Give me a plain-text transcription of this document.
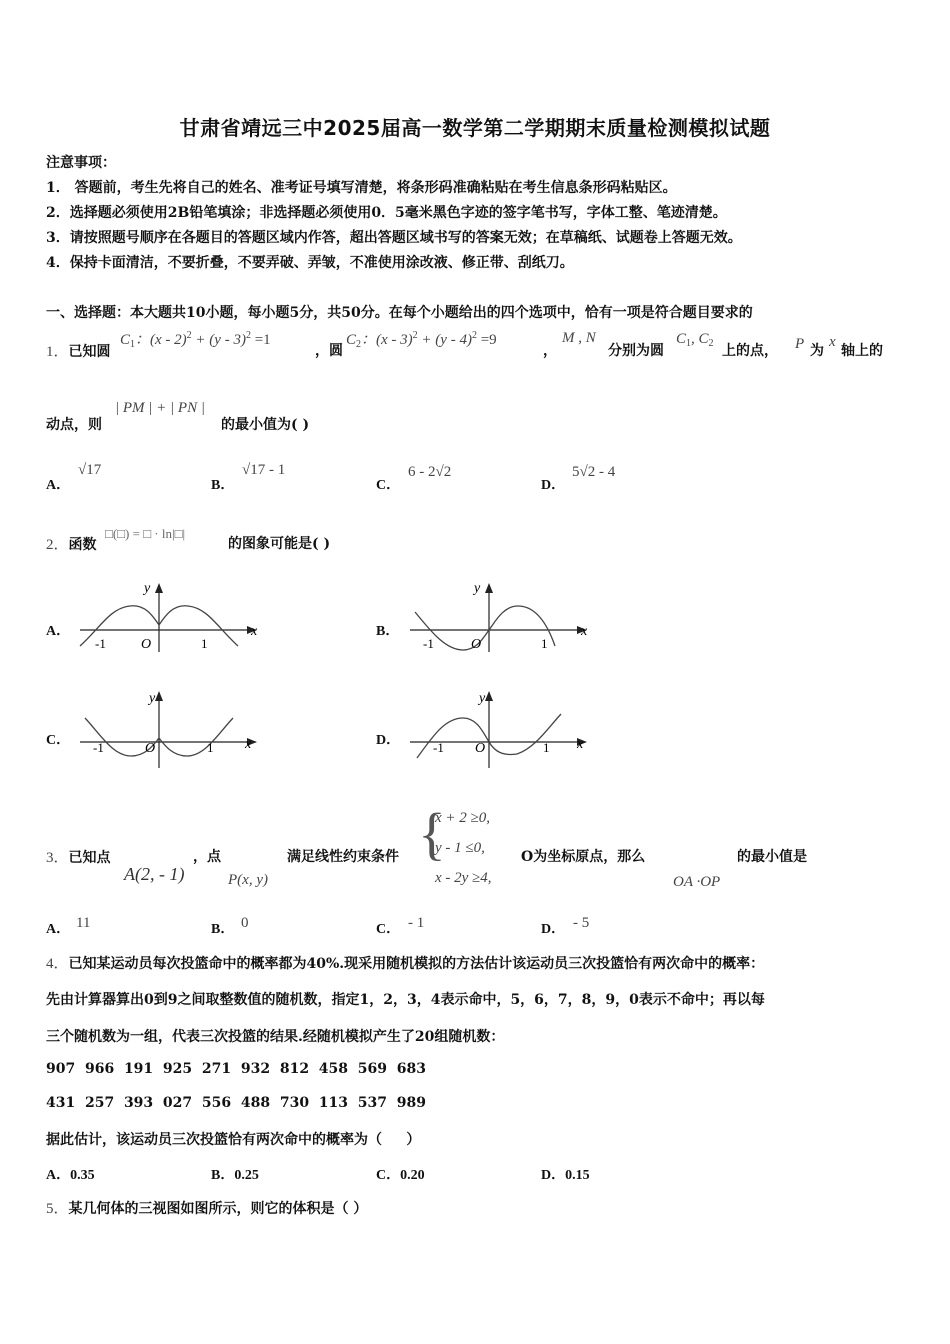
甘肃省靖远三中2025届高一数学第二学期期末质量检测模拟试题
注意事项：
1． 答题前，考生先将自己的姓名、准考证号填写清楚，将条形码准确粘贴在考生信息条形码粘贴区。
2．选择题必须使用2B铅笔填涂；非选择题必须使用0．5毫米黑色字迹的签字笔书写，字体工整、笔迹清楚。
3．请按照题号顺序在各题目的答题区域内作答，超出答题区域书写的答案无效；在草稿纸、试题卷上答题无效。
4．保持卡面清洁，不要折叠，不要弄破、弄皱，不准使用涂改液、修正带、刮纸刀。
一、选择题：本大题共10小题，每小题5分，共50分。在每个小题给出的四个选项中，恰有一项是符合题目要求的
1．已知圆
$C_1$：(x - 2)$^2$ + (y - 3)$^2$ =1
，圆
$C_2$：(x - 3)$^2$ + (y - 4)$^2$ =9
，
M , N
分别为圆
$C_1$, $C_2$ 上的点， P 为
x
轴上的
动点，则
| PM | + | PN |
的最小值为( )
A．
√17
B．
√17 - 1
C．
6 - 2√2
D．
5√2 - 4
2．函数
□(□) = □ · ln|□|
的图象可能是( )
A．	B．
C．	D．
x
y
O
-1	1
x
y
O
-1	1
x
y
O
-1	1	x
y
O
-1	1
3．已知点
A(2, - 1)
，点
P(x, y)
满足线性约束条件 {
x + 2 ≥0,
y - 1 ≤0,
x - 2y ≥4,
O为坐标原点，那么
OA ·OP
的最小值是
A． 11	B． 0	C． - 1	D． - 5
4．已知某运动员每次投篮命中的概率都为40%.现采用随机模拟的方法估计该运动员三次投篮恰有两次命中的概率：
先由计算器算出0到9之间取整数值的随机数，指定1，2，3，4表示命中，5，6，7，8，9，0表示不命中；再以每
三个随机数为一组，代表三次投篮的结果.经随机模拟产生了20组随机数：
907  966  191  925  271  932  812  458  569  683
431  257  393  027  556  488  730  113  537  989
据此估计，该运动员三次投篮恰有两次命中的概率为（     ）
A．0.35	B．0.25	C．0.20	D．0.15
5．某几何体的三视图如图所示，则它的体积是（ ）
